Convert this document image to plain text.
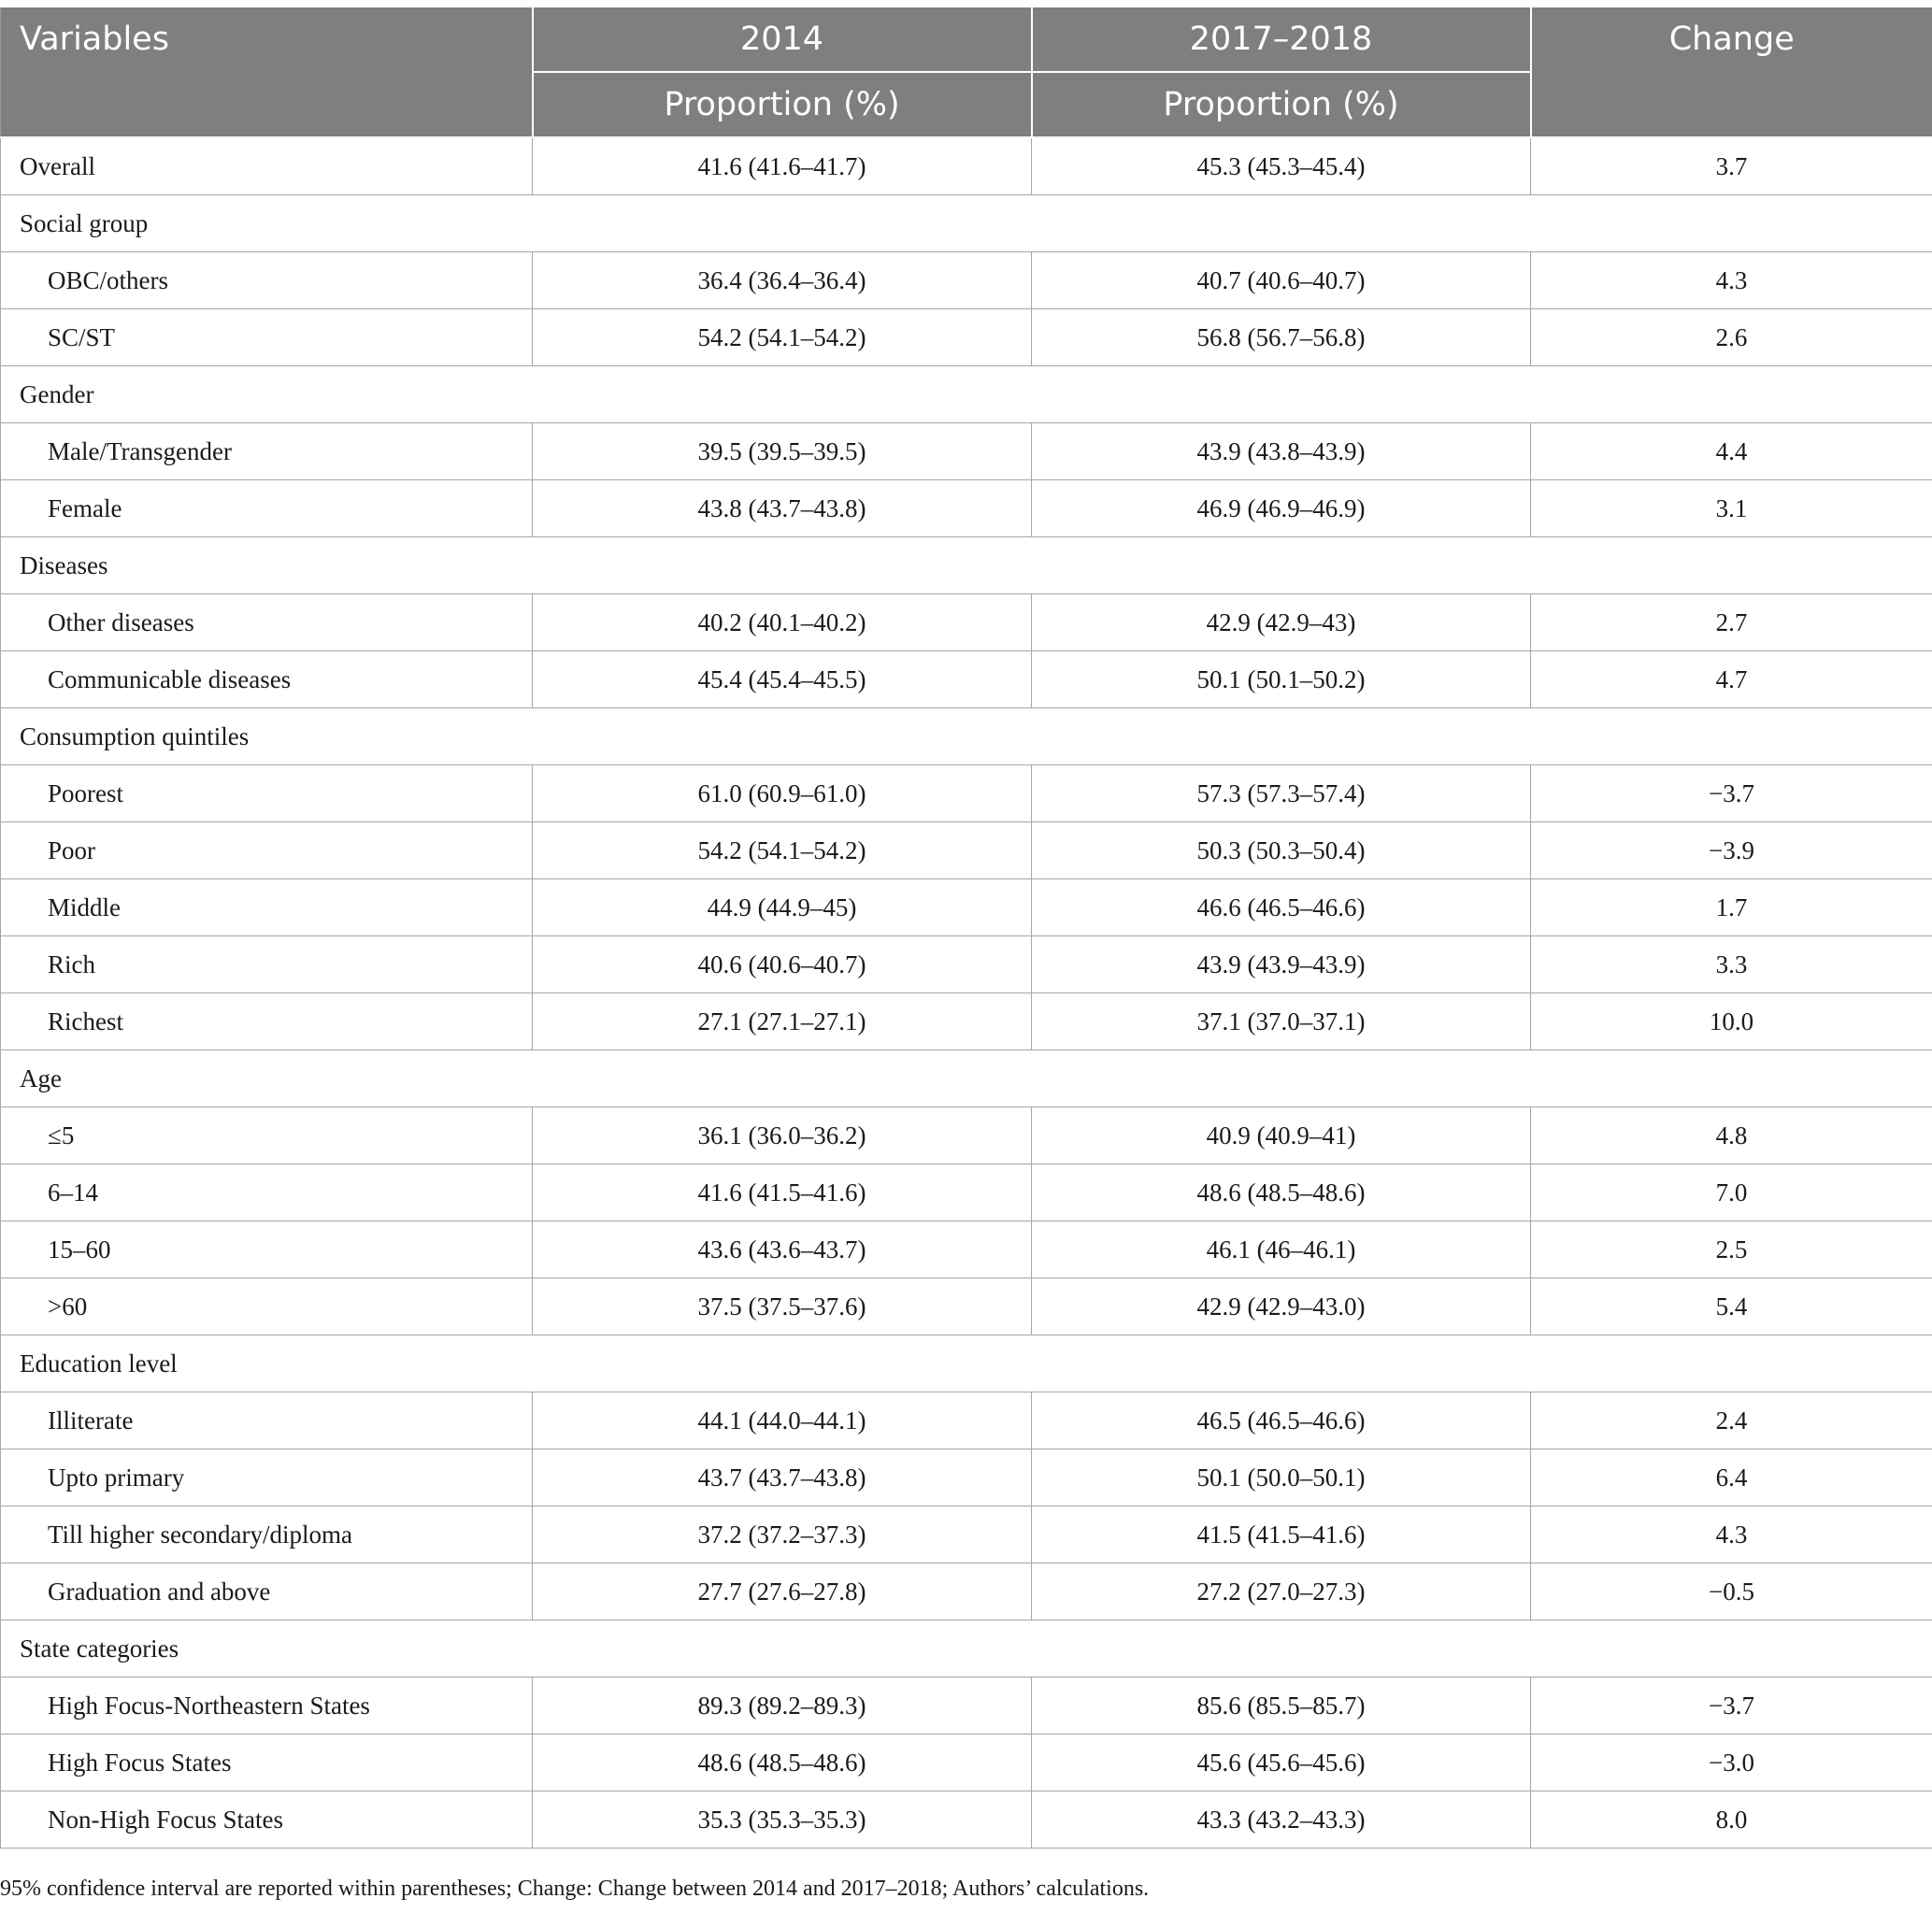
Variables	2014	2017–2018	Change
	Proportion (%)	Proportion (%)	
Overall	41.6 (41.6–41.7)	45.3 (45.3–45.4)	3.7
Social group			
OBC/others	36.4 (36.4–36.4)	40.7 (40.6–40.7)	4.3
SC/ST	54.2 (54.1–54.2)	56.8 (56.7–56.8)	2.6
Gender			
Male/Transgender	39.5 (39.5–39.5)	43.9 (43.8–43.9)	4.4
Female	43.8 (43.7–43.8)	46.9 (46.9–46.9)	3.1
Diseases			
Other diseases	40.2 (40.1–40.2)	42.9 (42.9–43)	2.7
Communicable diseases	45.4 (45.4–45.5)	50.1 (50.1–50.2)	4.7
Consumption quintiles			
Poorest	61.0 (60.9–61.0)	57.3 (57.3–57.4)	−3.7
Poor	54.2 (54.1–54.2)	50.3 (50.3–50.4)	−3.9
Middle	44.9 (44.9–45)	46.6 (46.5–46.6)	1.7
Rich	40.6 (40.6–40.7)	43.9 (43.9–43.9)	3.3
Richest	27.1 (27.1–27.1)	37.1 (37.0–37.1)	10.0
Age			
≤5	36.1 (36.0–36.2)	40.9 (40.9–41)	4.8
6–14	41.6 (41.5–41.6)	48.6 (48.5–48.6)	7.0
15–60	43.6 (43.6–43.7)	46.1 (46–46.1)	2.5
>60	37.5 (37.5–37.6)	42.9 (42.9–43.0)	5.4
Education level			
Illiterate	44.1 (44.0–44.1)	46.5 (46.5–46.6)	2.4
Upto primary	43.7 (43.7–43.8)	50.1 (50.0–50.1)	6.4
Till higher secondary/diploma	37.2 (37.2–37.3)	41.5 (41.5–41.6)	4.3
Graduation and above	27.7 (27.6–27.8)	27.2 (27.0–27.3)	−0.5
State categories			
High Focus-Northeastern States	89.3 (89.2–89.3)	85.6 (85.5–85.7)	−3.7
High Focus States	48.6 (48.5–48.6)	45.6 (45.6–45.6)	−3.0
Non-High Focus States	35.3 (35.3–35.3)	43.3 (43.2–43.3)	8.0
95% confidence interval are reported within parentheses; Change: Change between 2014 and 2017–2018; Authors’ calculations.
